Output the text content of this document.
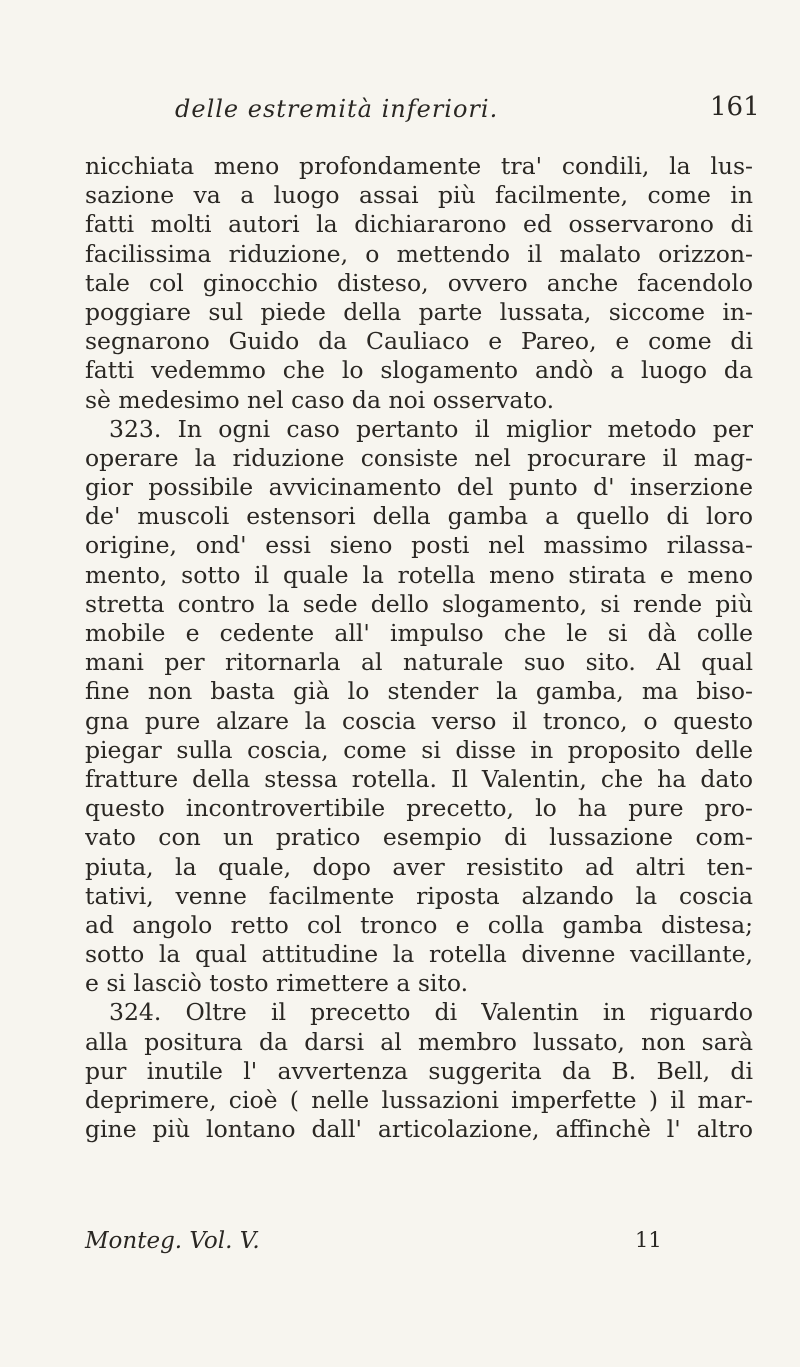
delle estremità inferiori.	161
nicchiata meno profondamente tra' condili, la lus-
sazione va a luogo assai più facilmente, come in
fatti molti autori la dichiararono ed osservarono di
facilissima riduzione, o mettendo il malato orizzon-
tale col ginocchio disteso, ovvero anche facendolo
poggiare sul piede della parte lussata, siccome in-
segnarono Guido da Cauliaco e Pareo, e come di
fatti vedemmo che lo slogamento andò a luogo da
sè medesimo nel caso da noi osservato.
323. In ogni caso pertanto il miglior metodo per
operare la riduzione consiste nel procurare il mag-
gior possibile avvicinamento del punto d' inserzione
de' muscoli estensori della gamba a quello di loro
origine, ond' essi sieno posti nel massimo rilassa-
mento, sotto il quale la rotella meno stirata e meno
stretta contro la sede dello slogamento, si rende più
mobile e cedente all' impulso che le si dà colle
mani per ritornarla al naturale suo sito. Al qual
fine non basta già lo stender la gamba, ma biso-
gna pure alzare la coscia verso il tronco, o questo
piegar sulla coscia, come si disse in proposito delle
fratture della stessa rotella. Il Valentin, che ha dato
questo incontrovertibile precetto, lo ha pure pro-
vato con un pratico esempio di lussazione com-
piuta, la quale, dopo aver resistito ad altri ten-
tativi, venne facilmente riposta alzando la coscia
ad angolo retto col tronco e colla gamba distesa;
sotto la qual attitudine la rotella divenne vacillante,
e si lasciò tosto rimettere a sito.
324. Oltre il precetto di Valentin in riguardo
alla positura da darsi al membro lussato, non sarà
pur inutile l' avvertenza suggerita da B. Bell, di
deprimere, cioè ( nelle lussazioni imperfette ) il mar-
gine più lontano dall' articolazione, affinchè l' altro
Monteg. Vol. V.	11
